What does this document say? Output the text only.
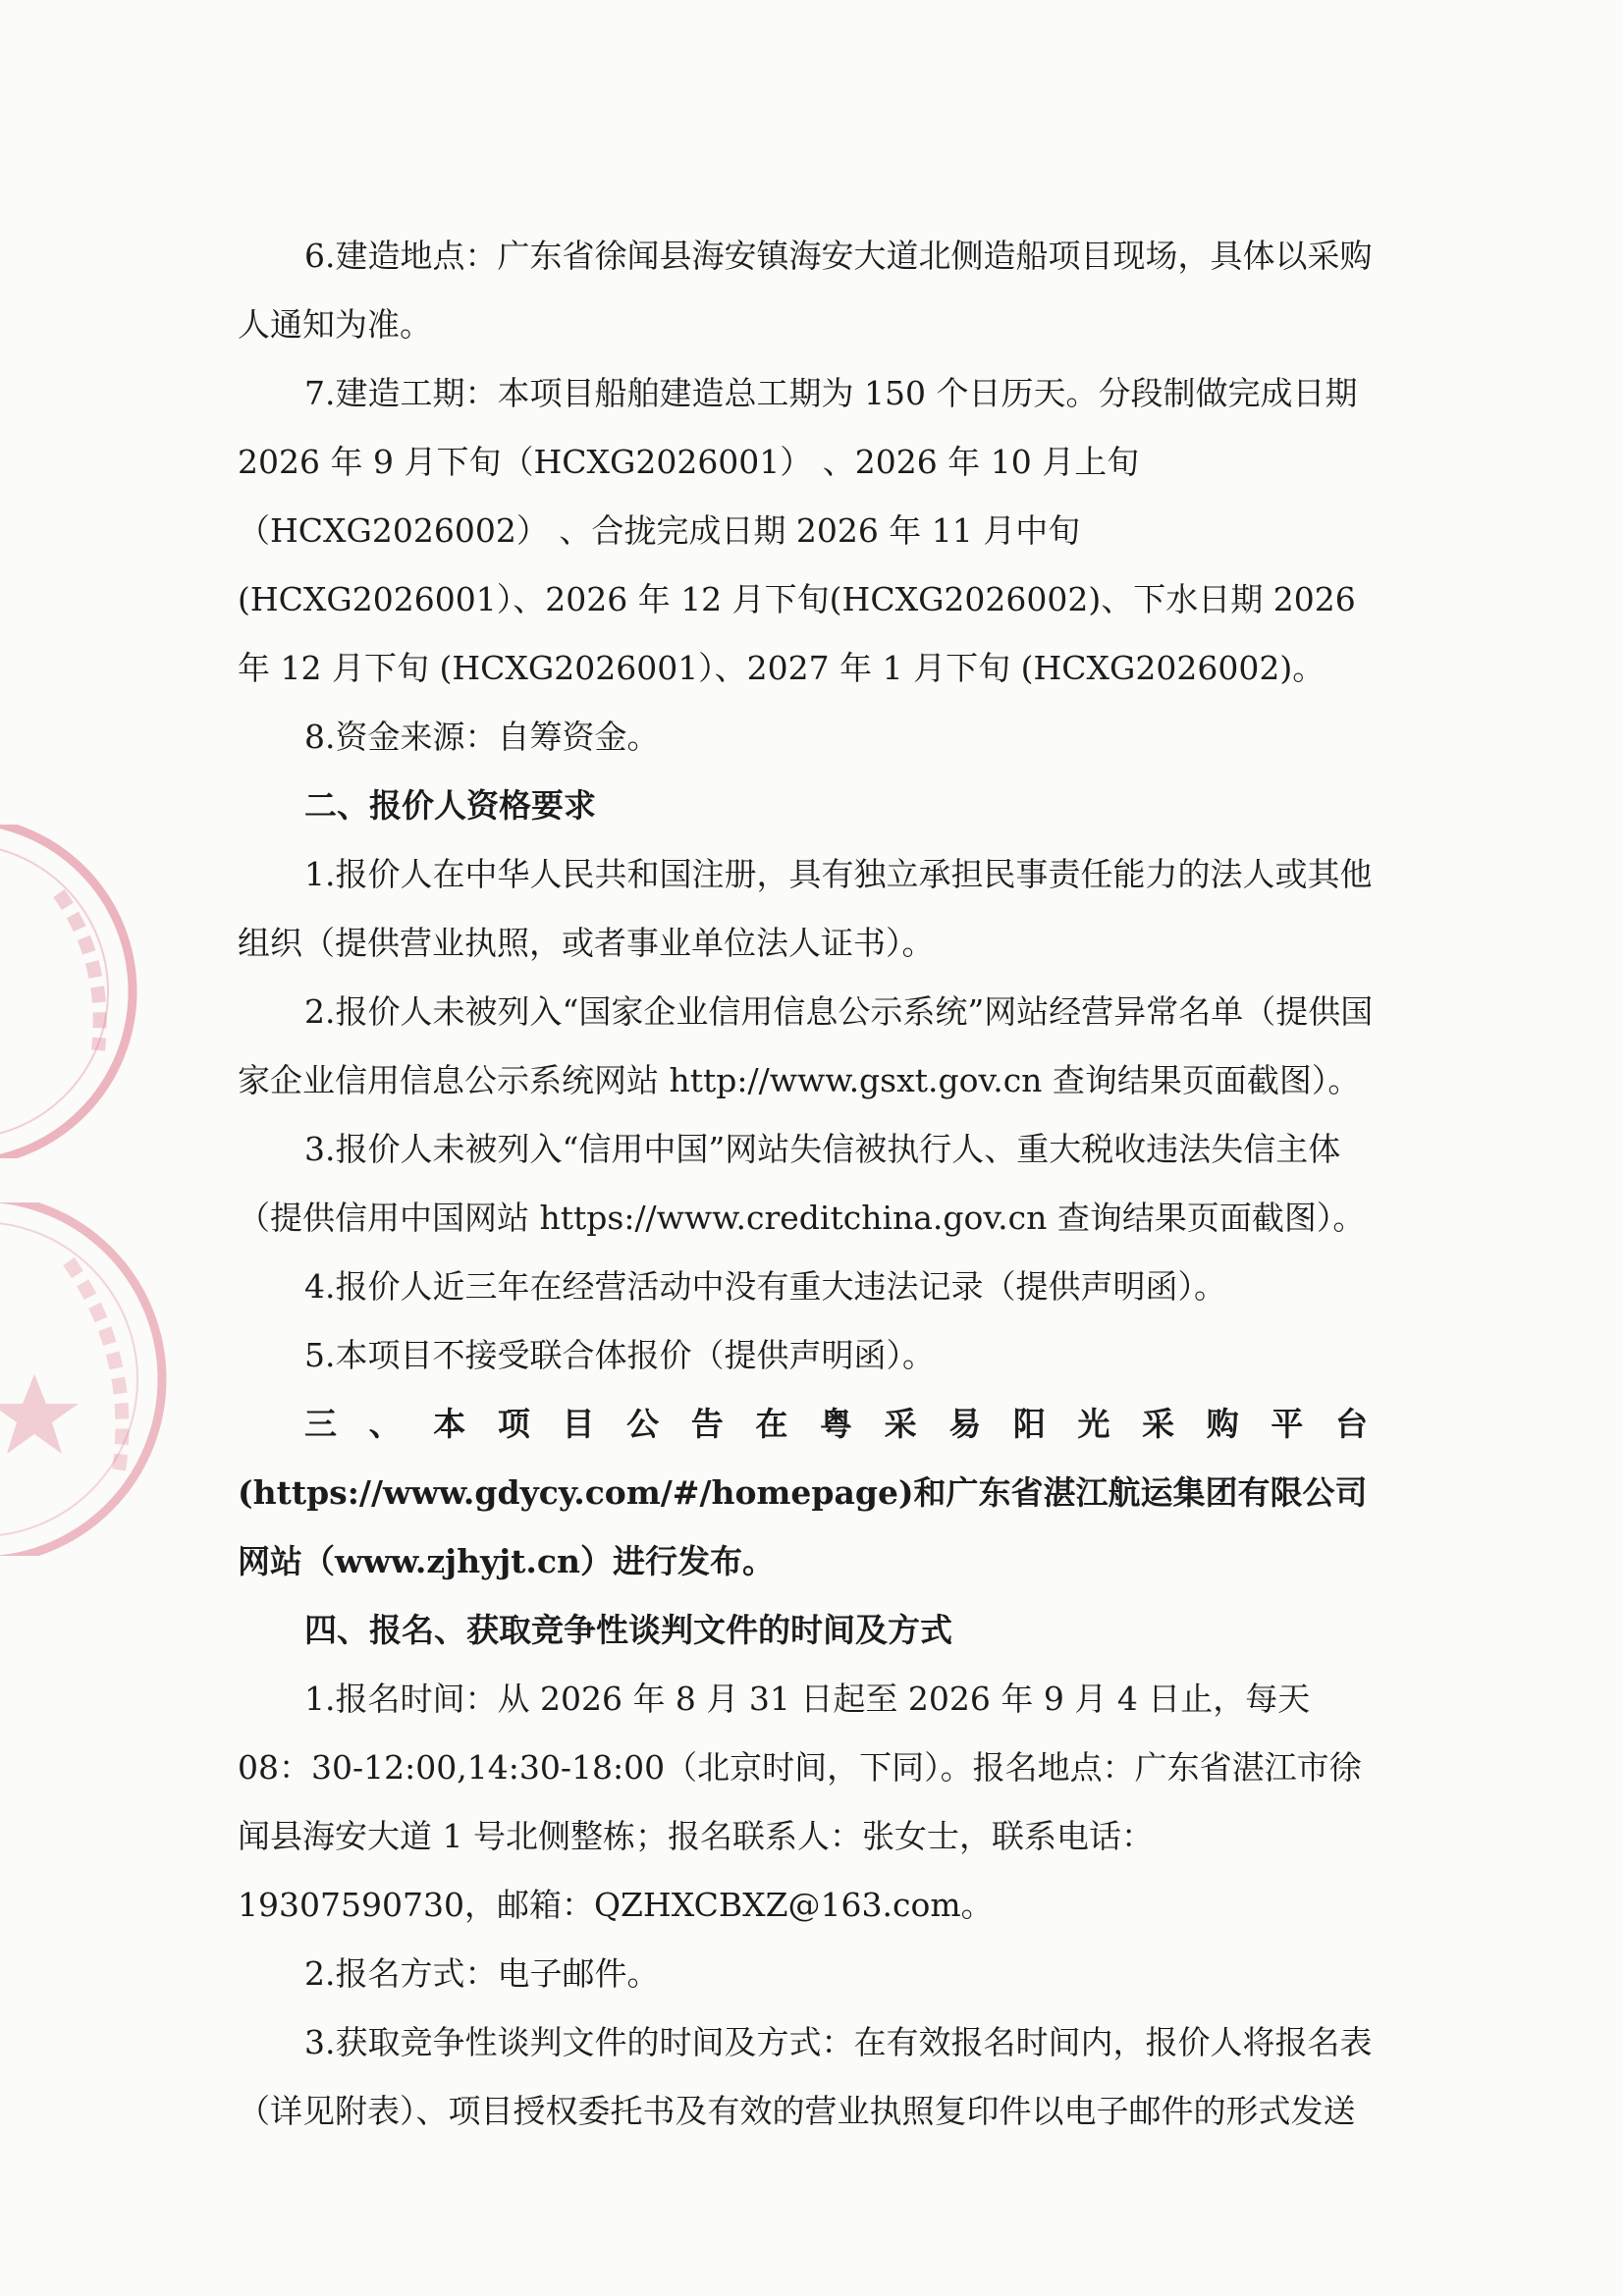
6.建造地点：广东省徐闻县海安镇海安大道北侧造船项目现场，具体以采购人通知为准。

7.建造工期：本项目船舶建造总工期为 150 个日历天。分段制做完成日期 2026 年 9 月下旬（HCXG2026001） 、2026 年 10 月上旬（HCXG2026002） 、合拢完成日期 2026 年 11 月中旬(HCXG2026001）、2026 年 12 月下旬(HCXG2026002)、下水日期 2026 年 12 月下旬 (HCXG2026001）、2027 年 1 月下旬 (HCXG2026002)。

8.资金来源：自筹资金。

二、报价人资格要求

1.报价人在中华人民共和国注册，具有独立承担民事责任能力的法人或其他组织（提供营业执照，或者事业单位法人证书）。

2.报价人未被列入“国家企业信用信息公示系统”网站经营异常名单（提供国家企业信用信息公示系统网站 http://www.gsxt.gov.cn 查询结果页面截图）。

3.报价人未被列入“信用中国”网站失信被执行人、重大税收违法失信主体（提供信用中国网站 https://www.creditchina.gov.cn 查询结果页面截图）。

4.报价人近三年在经营活动中没有重大违法记录（提供声明函）。

5.本项目不接受联合体报价（提供声明函）。

三、本项目公告在粤采易阳光采购平台

(https://www.gdycy.com/#/homepage)和广东省湛江航运集团有限公司网站（www.zjhyjt.cn）进行发布。

四、报名、获取竞争性谈判文件的时间及方式

1.报名时间：从 2026 年 8 月 31 日起至 2026 年 9 月 4 日止，每天 08：30-12:00,14:30-18:00（北京时间，下同）。报名地点：广东省湛江市徐闻县海安大道 1 号北侧整栋；报名联系人：张女士，联系电话：19307590730，邮箱：QZHXCBXZ@163.com。

2.报名方式：电子邮件。

3.获取竞争性谈判文件的时间及方式：在有效报名时间内，报价人将报名表（详见附表）、项目授权委托书及有效的营业执照复印件以电子邮件的形式发送
